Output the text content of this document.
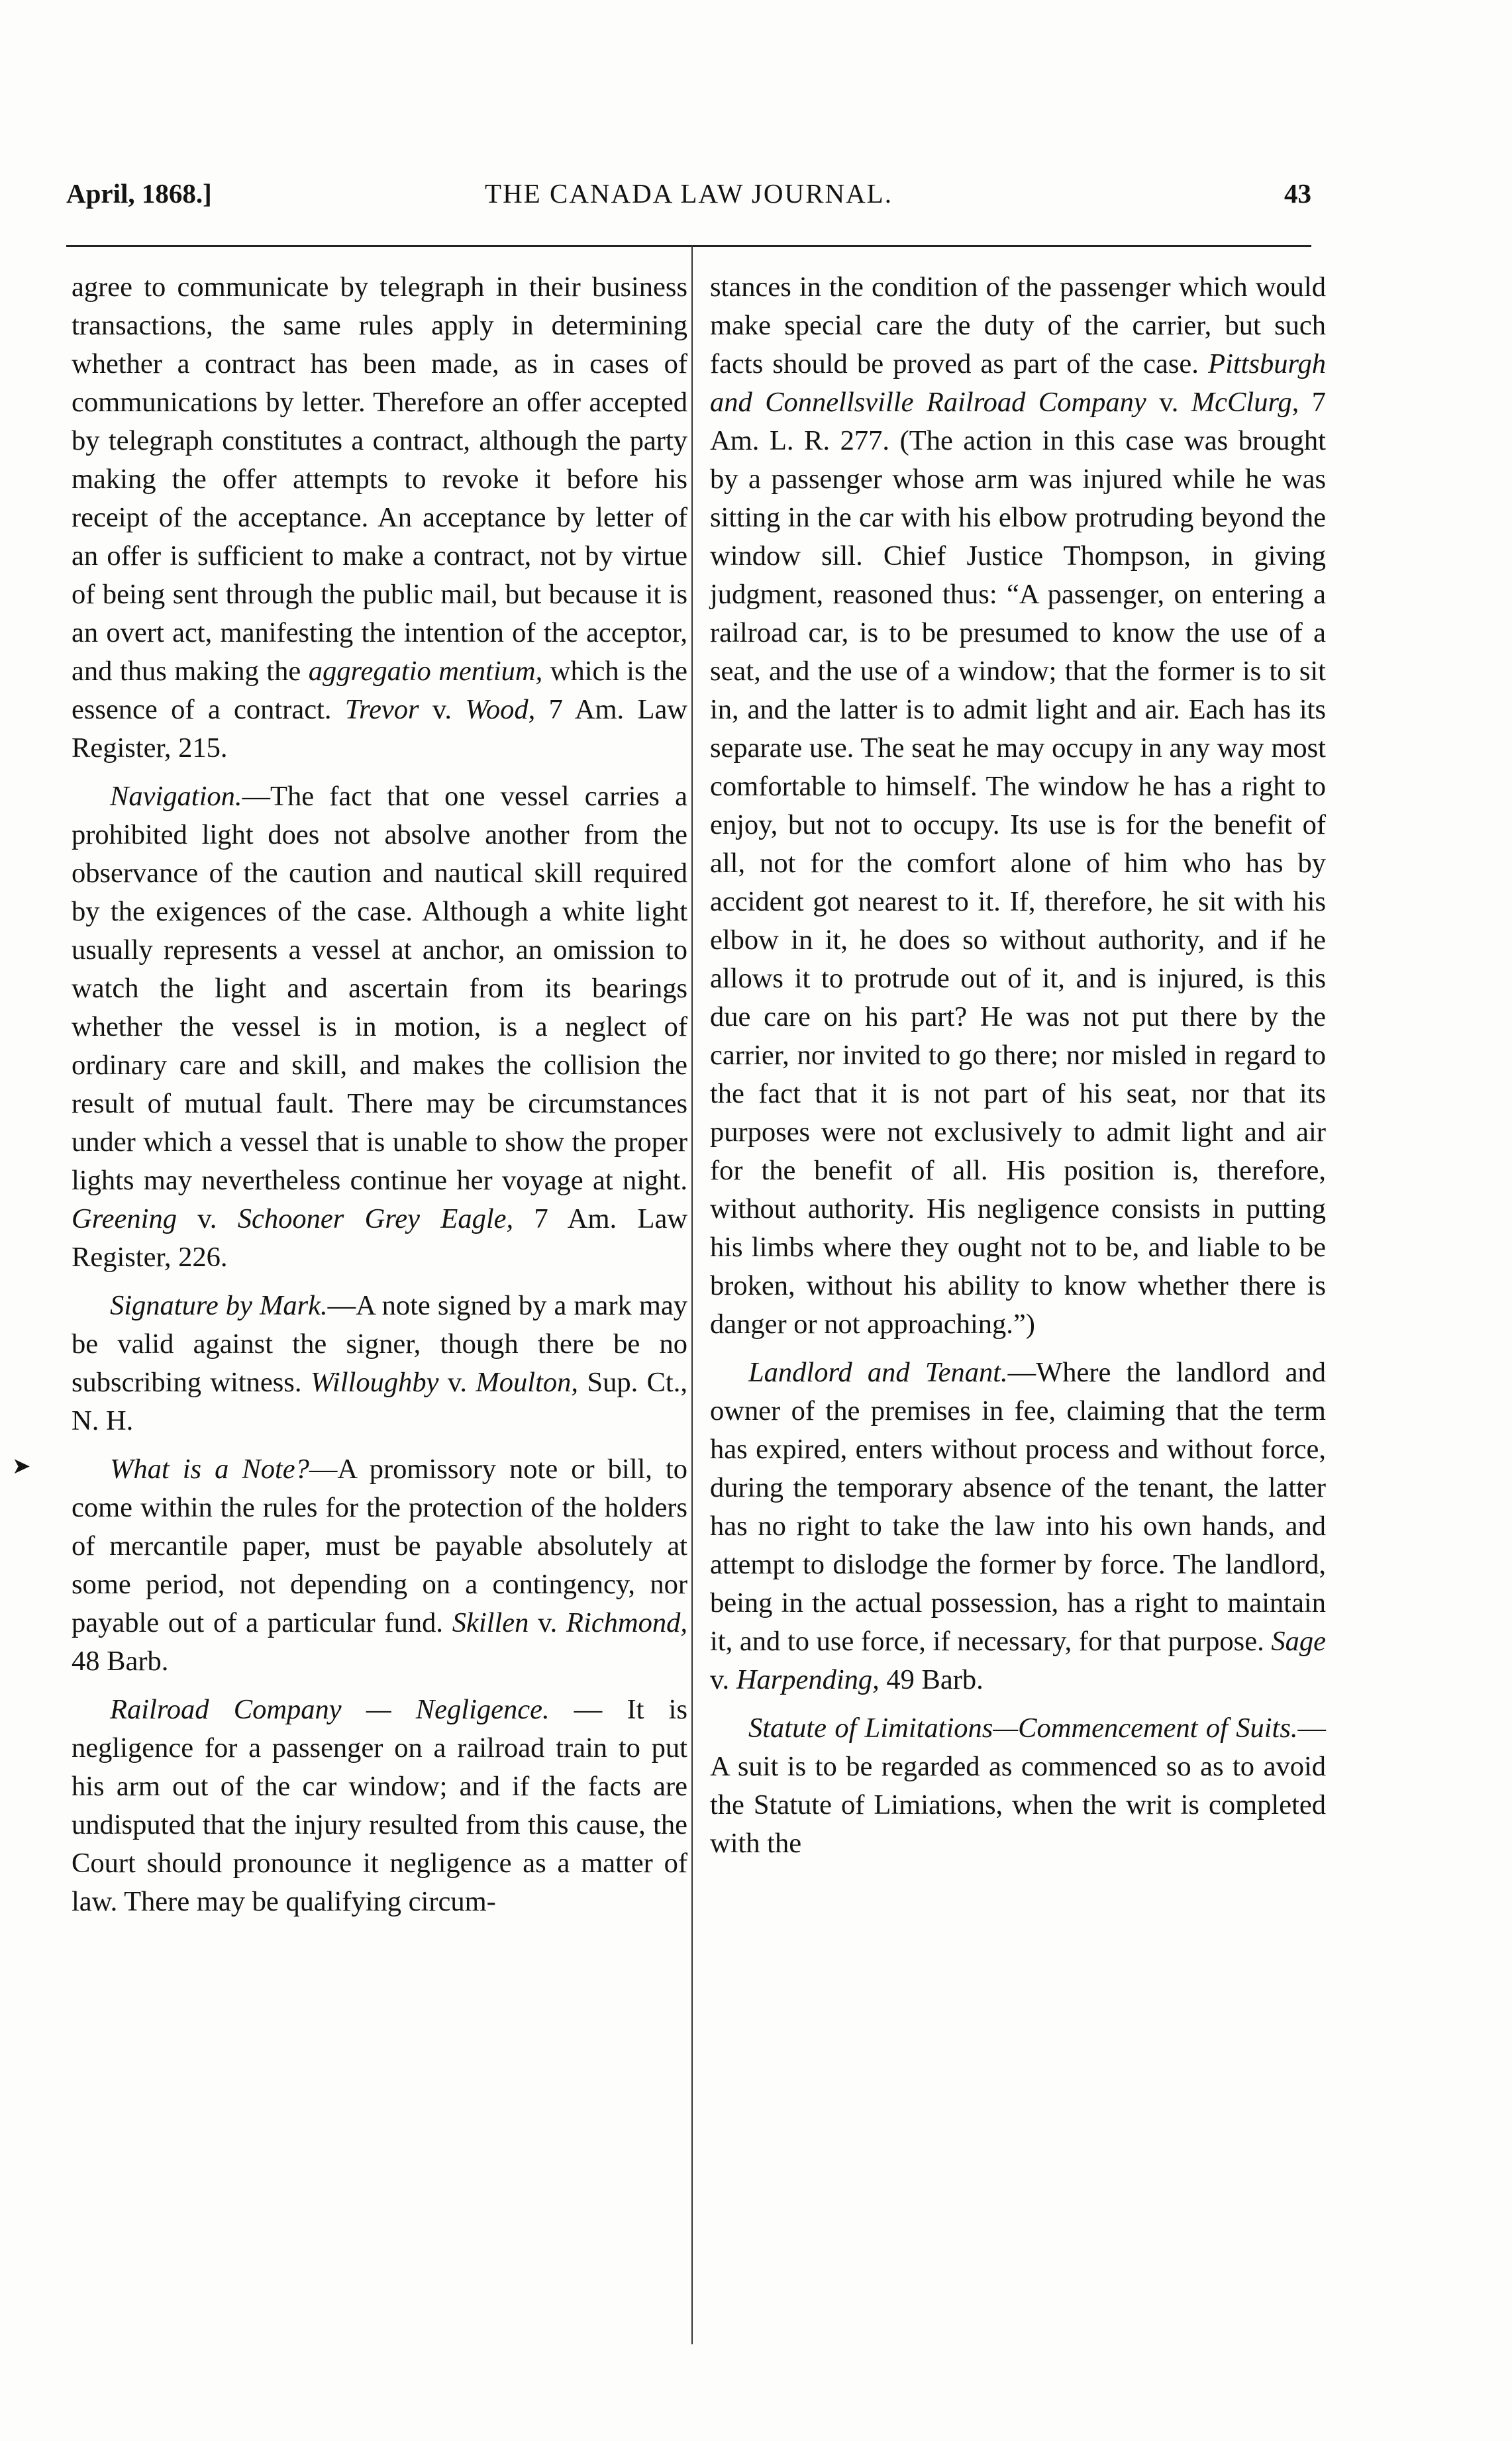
April, 1868.]	THE CANADA LAW JOURNAL.	43
➤

agree to communicate by telegraph in their business transactions, the same rules apply in determining whether a contract has been made, as in cases of communications by letter. Therefore an offer accepted by telegraph constitutes a contract, although the party making the offer attempts to revoke it before his receipt of the acceptance. An acceptance by letter of an offer is sufficient to make a contract, not by virtue of being sent through the public mail, but because it is an overt act, manifesting the intention of the acceptor, and thus making the aggregatio mentium, which is the essence of a contract. Trevor v. Wood, 7 Am. Law Register, 215.

Navigation.—The fact that one vessel carries a prohibited light does not absolve another from the observance of the caution and nautical skill required by the exigences of the case. Although a white light usually represents a vessel at anchor, an omission to watch the light and ascertain from its bearings whether the vessel is in motion, is a neglect of ordinary care and skill, and makes the collision the result of mutual fault. There may be circumstances under which a vessel that is unable to show the proper lights may nevertheless continue her voyage at night. Greening v. Schooner Grey Eagle, 7 Am. Law Register, 226.

Signature by Mark.—A note signed by a mark may be valid against the signer, though there be no subscribing witness. Willoughby v. Moulton, Sup. Ct., N. H.

What is a Note?—A promissory note or bill, to come within the rules for the protection of the holders of mercantile paper, must be payable absolutely at some period, not depending on a contingency, nor payable out of a particular fund. Skillen v. Richmond, 48 Barb.

Railroad Company — Negligence. — It is negligence for a passenger on a railroad train to put his arm out of the car window; and if the facts are undisputed that the injury resulted from this cause, the Court should pronounce it negligence as a matter of law. There may be qualifying circum-

stances in the condition of the passenger which would make special care the duty of the carrier, but such facts should be proved as part of the case. Pittsburgh and Connellsville Railroad Company v. McClurg, 7 Am. L. R. 277. (The action in this case was brought by a passenger whose arm was injured while he was sitting in the car with his elbow protruding beyond the window sill. Chief Justice Thompson, in giving judgment, reasoned thus: “A passenger, on entering a railroad car, is to be presumed to know the use of a seat, and the use of a window; that the former is to sit in, and the latter is to admit light and air. Each has its separate use. The seat he may occupy in any way most comfortable to himself. The window he has a right to enjoy, but not to occupy. Its use is for the benefit of all, not for the comfort alone of him who has by accident got nearest to it. If, therefore, he sit with his elbow in it, he does so without authority, and if he allows it to protrude out of it, and is injured, is this due care on his part? He was not put there by the carrier, nor invited to go there; nor misled in regard to the fact that it is not part of his seat, nor that its purposes were not exclusively to admit light and air for the benefit of all. His position is, therefore, without authority. His negligence consists in putting his limbs where they ought not to be, and liable to be broken, without his ability to know whether there is danger or not approaching.”)

Landlord and Tenant.—Where the landlord and owner of the premises in fee, claiming that the term has expired, enters without process and without force, during the temporary absence of the tenant, the latter has no right to take the law into his own hands, and attempt to dislodge the former by force. The landlord, being in the actual possession, has a right to maintain it, and to use force, if necessary, for that purpose. Sage v. Harpending, 49 Barb.

Statute of Limitations—Commencement of Suits.—A suit is to be regarded as commenced so as to avoid the Statute of Limiations, when the writ is completed with the
